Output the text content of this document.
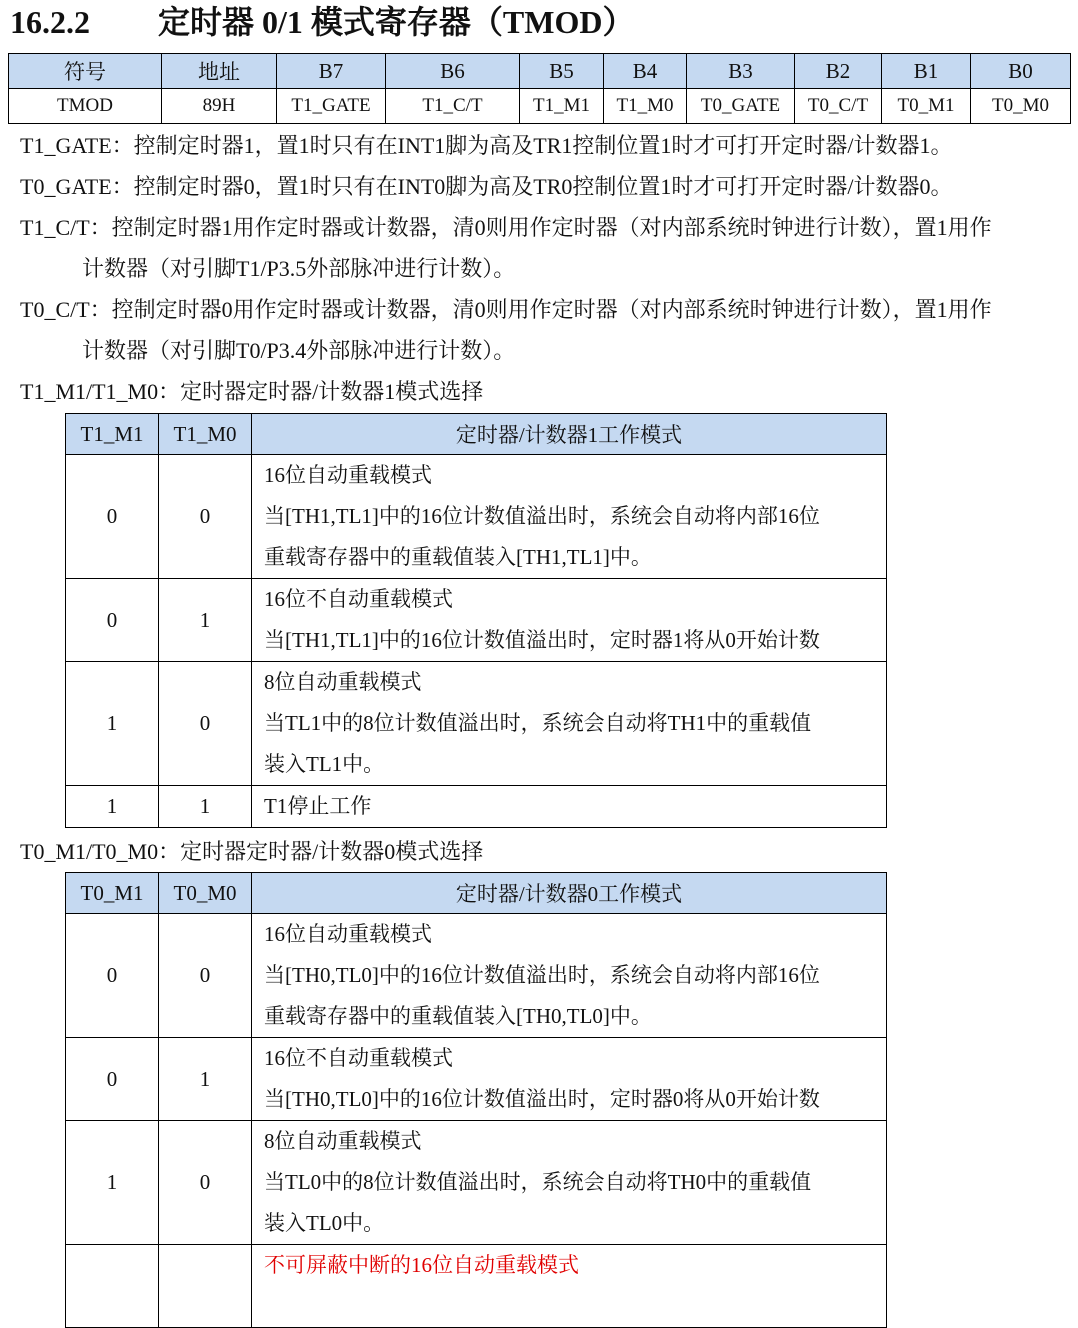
16.2.2 定时器 0/1 模式寄存器（TMOD）
符号	地址	B7	B6	B5	B4	B3	B2	B1	B0
TMOD	89H	T1_GATE	T1_C/T	T1_M1	T1_M0	T0_GATE	T0_C/T	T0_M1	T0_M0
T1_GATE：控制定时器1，置1时只有在INT1脚为高及TR1控制位置1时才可打开定时器/计数器1。
T0_GATE：控制定时器0，置1时只有在INT0脚为高及TR0控制位置1时才可打开定时器/计数器0。
T1_C/T：控制定时器1用作定时器或计数器，清0则用作定时器（对内部系统时钟进行计数），置1用作
计数器（对引脚T1/P3.5外部脉冲进行计数）。
T0_C/T：控制定时器0用作定时器或计数器，清0则用作定时器（对内部系统时钟进行计数），置1用作
计数器（对引脚T0/P3.4外部脉冲进行计数）。
T1_M1/T1_M0：定时器定时器/计数器1模式选择
T1_M1	T1_M0	定时器/计数器1工作模式
0	0	16位自动重载模式
当[TH1,TL1]中的16位计数值溢出时，系统会自动将内部16位
重载寄存器中的重载值装入[TH1,TL1]中。

0	1	16位不自动重载模式
当[TH1,TL1]中的16位计数值溢出时，定时器1将从0开始计数

1	0	8位自动重载模式
当TL1中的8位计数值溢出时，系统会自动将TH1中的重载值
装入TL1中。

1	1	T1停止工作
T0_M1/T0_M0：定时器定时器/计数器0模式选择
T0_M1	T0_M0	定时器/计数器0工作模式
0	0	16位自动重载模式
当[TH0,TL0]中的16位计数值溢出时，系统会自动将内部16位
重载寄存器中的重载值装入[TH0,TL0]中。

0	1	16位不自动重载模式
当[TH0,TL0]中的16位计数值溢出时，定时器0将从0开始计数

1	0	8位自动重载模式
当TL0中的8位计数值溢出时，系统会自动将TH0中的重载值
装入TL0中。

		不可屏蔽中断的16位自动重载模式
